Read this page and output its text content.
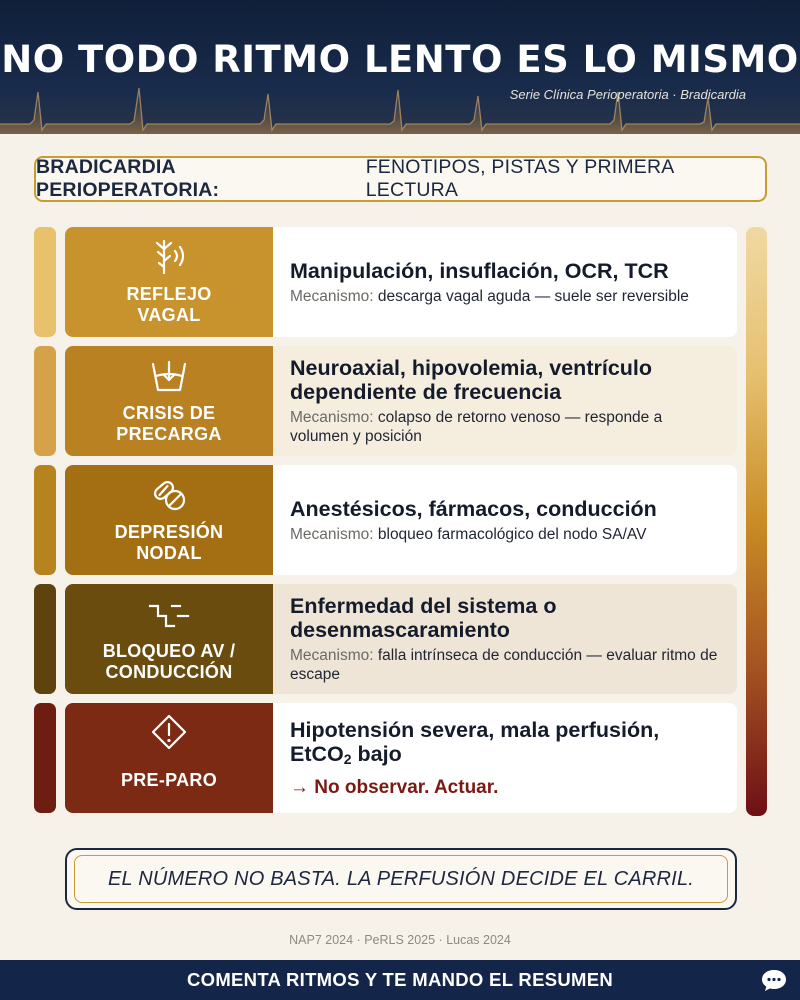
NO TODO RITMO LENTO ES LO MISMO
Serie Clínica Perioperatoria · Bradicardia
BRADICARDIA PERIOPERATORIA:
FENOTIPOS, PISTAS Y PRIMERA LECTURA
REFLEJO VAGAL
Manipulación, insuflación, OCR, TCR
Mecanismo: descarga vagal aguda — suele ser reversible
CRISIS DE PRECARGA
Neuroaxial, hipovolemia, ventrículo dependiente de frecuencia
Mecanismo: colapso de retorno venoso — responde a volumen y posición
DEPRESIÓN NODAL
Anestésicos, fármacos, conducción
Mecanismo: bloqueo farmacológico del nodo SA/AV
BLOQUEO AV / CONDUCCIÓN
Enfermedad del sistema o desenmascaramiento
Mecanismo: falla intrínseca de conducción — evaluar ritmo de escape
PRE-PARO
Hipotensión severa, mala perfusión,
EtCO$_2$ bajo
→ No observar. Actuar.
EL NÚMERO NO BASTA. LA PERFUSIÓN DECIDE EL CARRIL.
NAP7 2024 · PeRLS 2025 · Lucas 2024
COMENTA RITMOS Y TE MANDO EL RESUMEN
